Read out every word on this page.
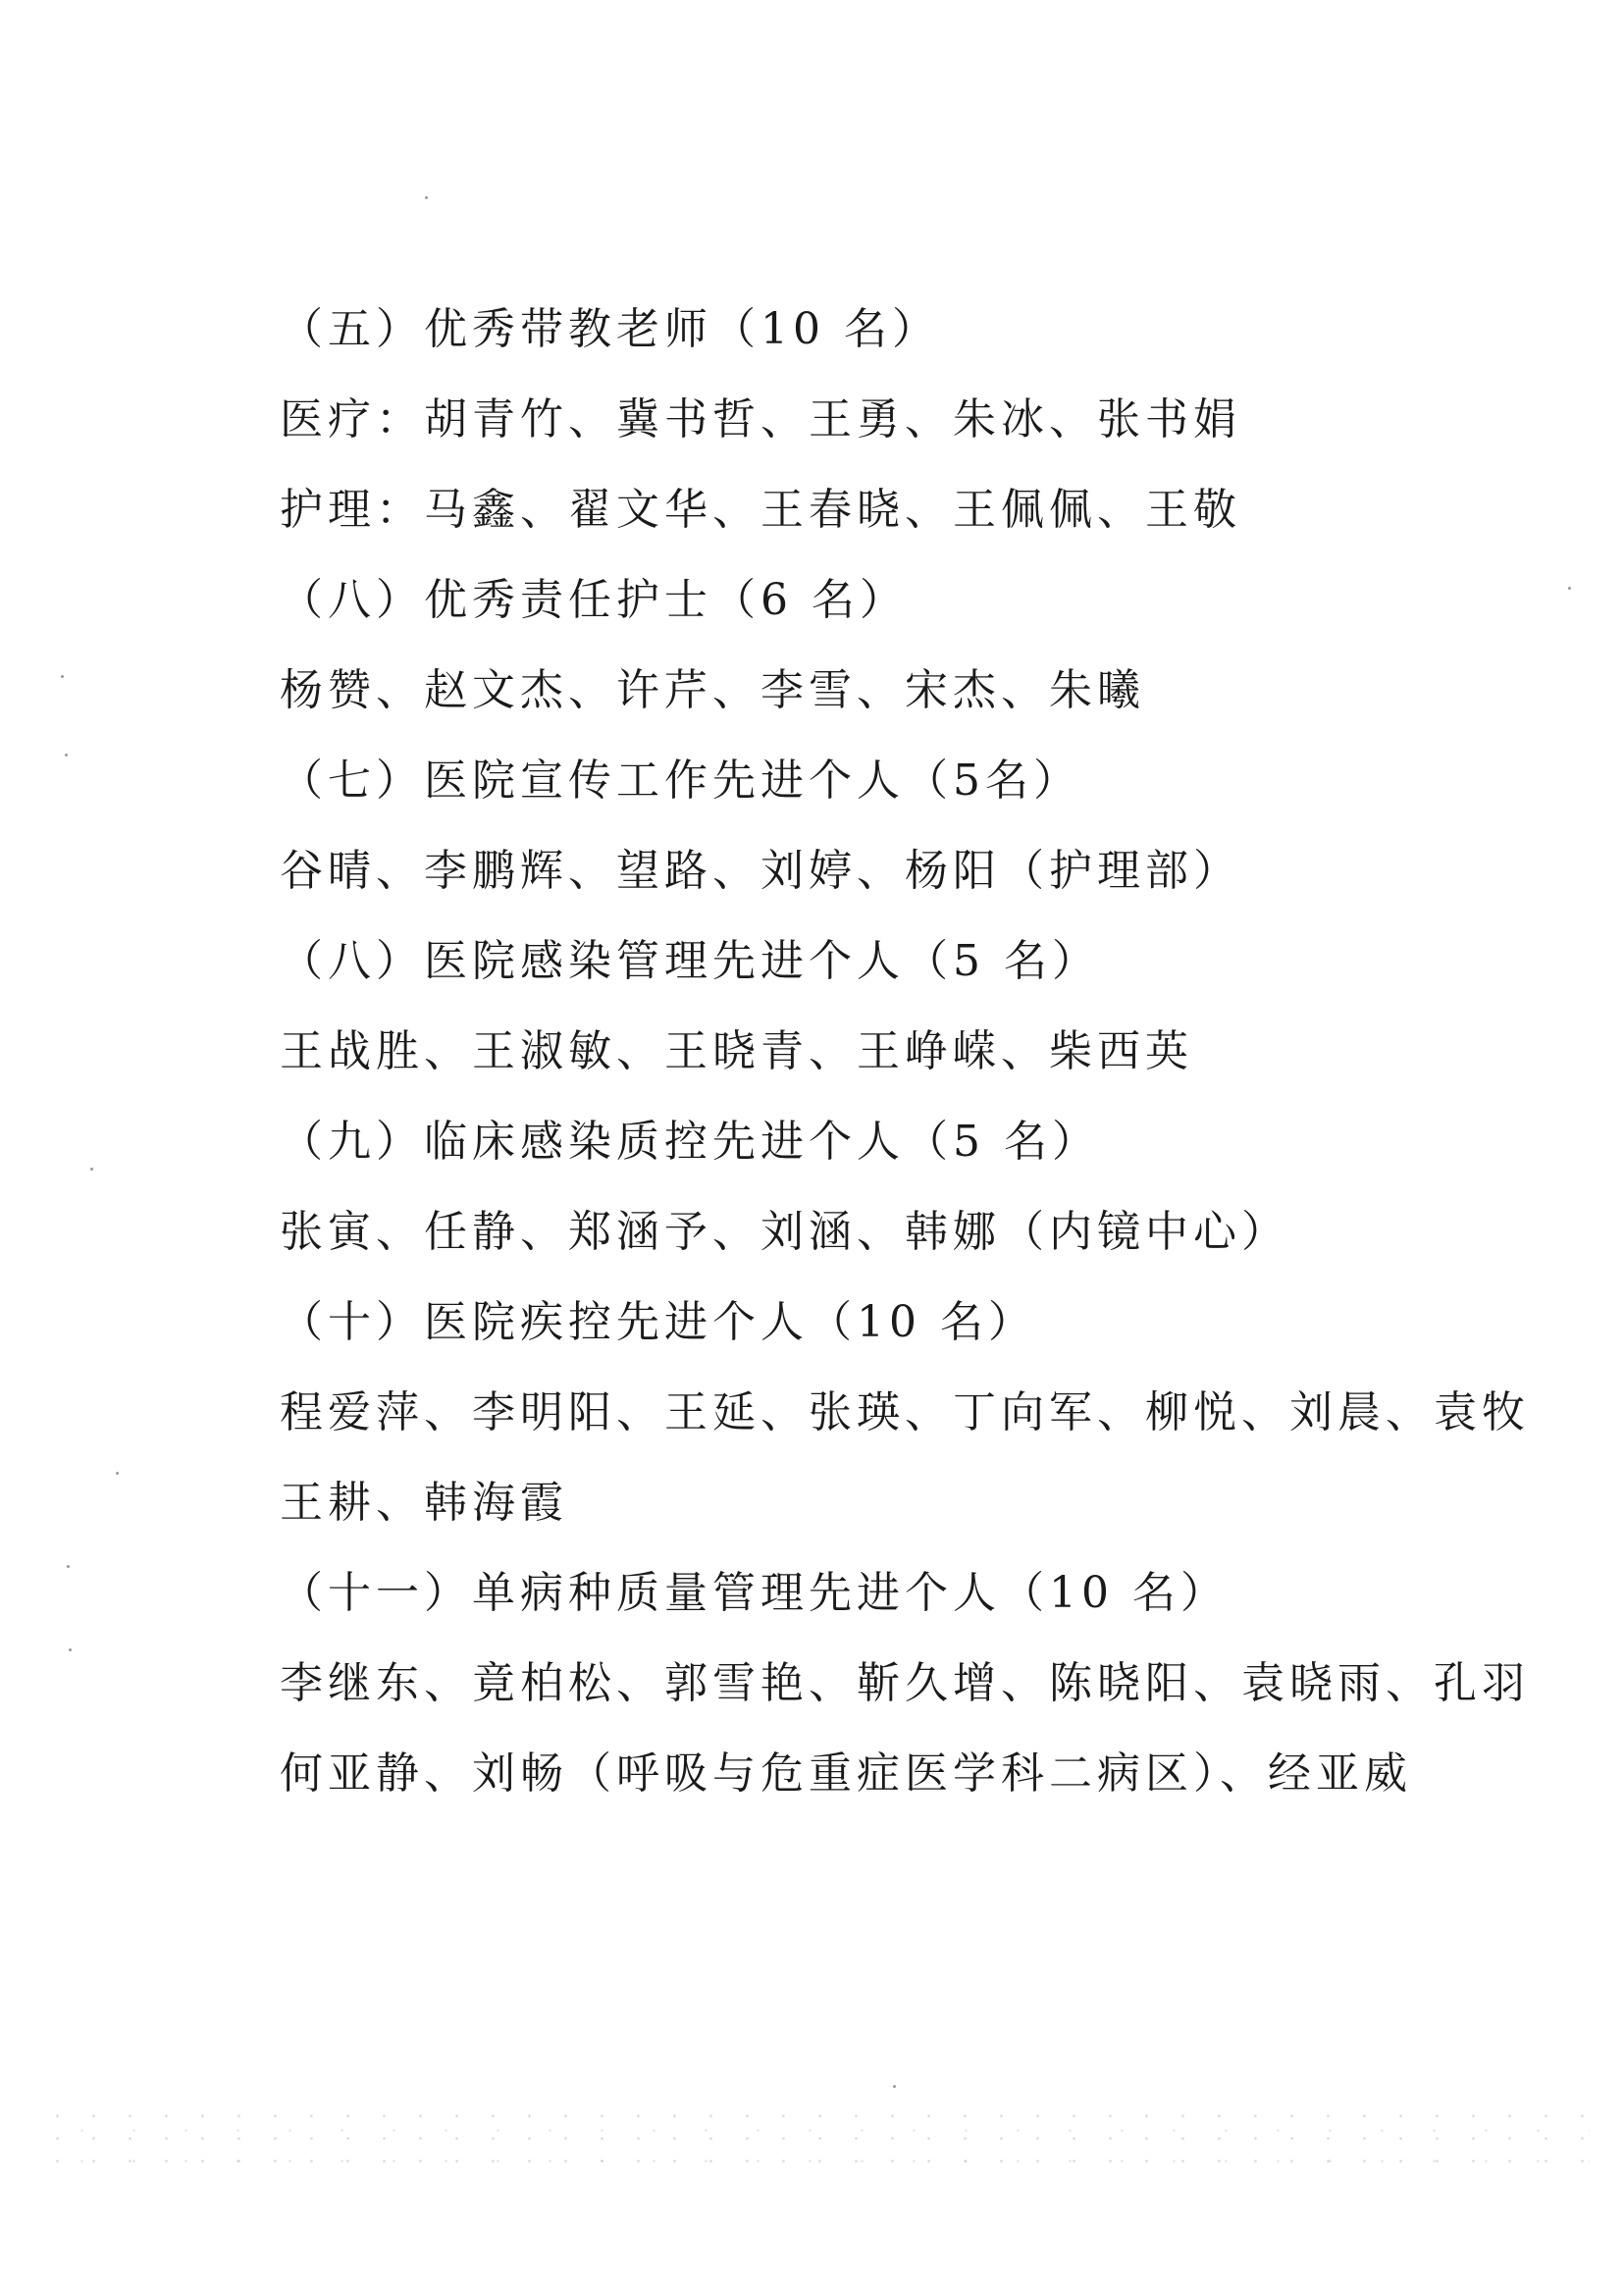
（五）优秀带教老师（10 名）
医疗：胡青竹、冀书哲、王勇、朱冰、张书娟
护理：马鑫、翟文华、王春晓、王佩佩、王敬
（八）优秀责任护士（6 名）
杨赞、赵文杰、许芹、李雪、宋杰、朱曦
（七）医院宣传工作先进个人（5名）
谷晴、李鹏辉、望路、刘婷、杨阳（护理部）
（八）医院感染管理先进个人（5 名）
王战胜、王淑敏、王晓青、王峥嵘、柴西英
（九）临床感染质控先进个人（5 名）
张寅、任静、郑涵予、刘涵、韩娜（内镜中心）
（十）医院疾控先进个人（10 名）
程爱萍、李明阳、王延、张瑛、丁向军、柳悦、刘晨、袁牧
王耕、韩海霞
（十一）单病种质量管理先进个人（10 名）
李继东、竟柏松、郭雪艳、靳久增、陈晓阳、袁晓雨、孔羽
何亚静、刘畅（呼吸与危重症医学科二病区）、经亚威
